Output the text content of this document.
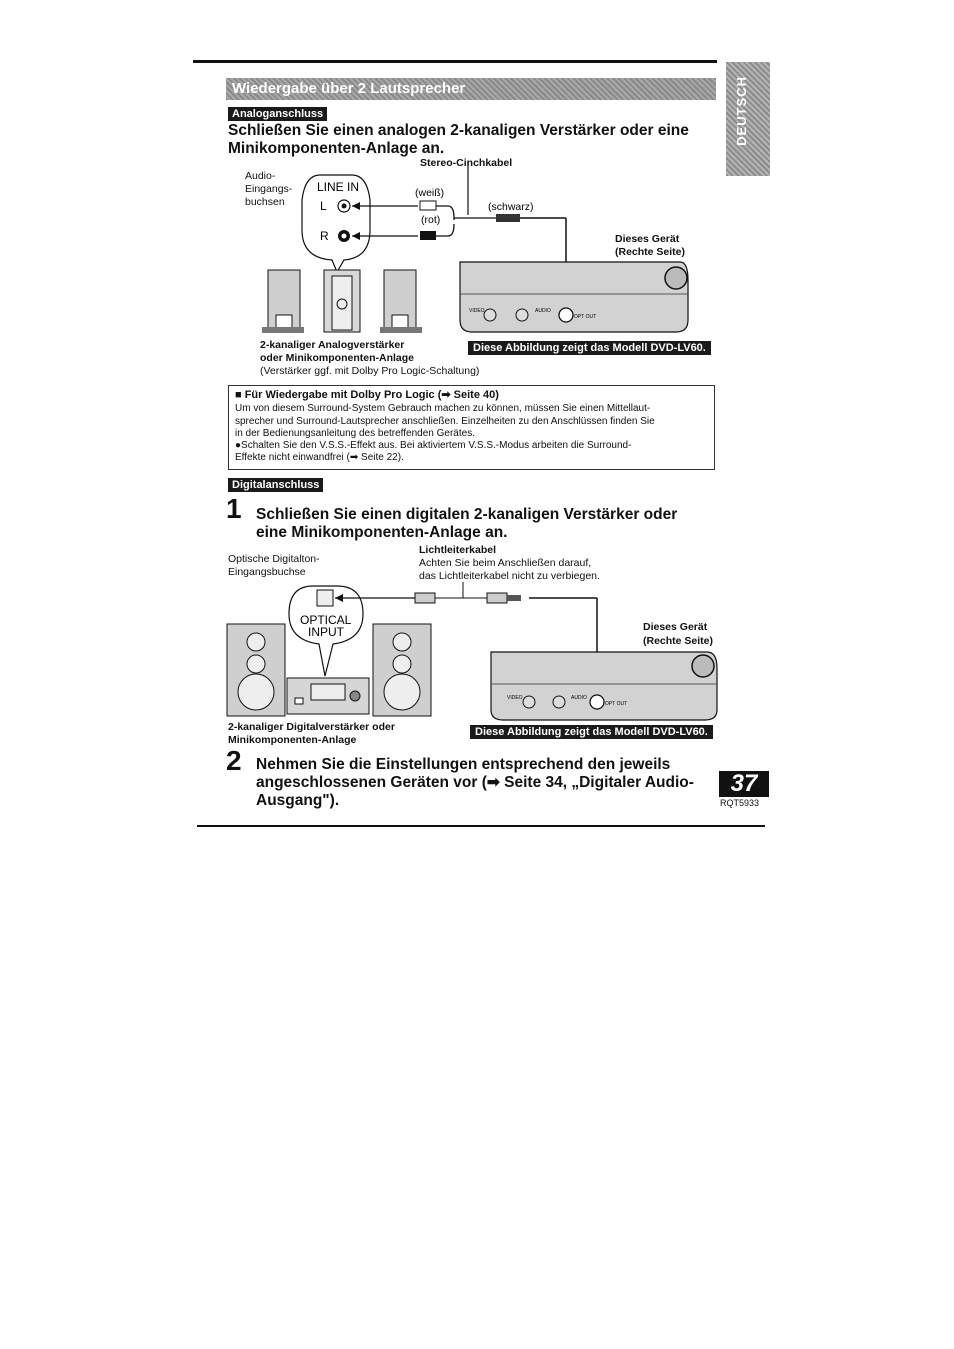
DEUTSCH
Wiedergabe über 2 Lautsprecher
Analoganschluss
Schließen Sie einen analogen 2-kanaligen Verstärker oder eine
Minikomponenten-Anlage an.
Stereo-Cinchkabel
Audio-
Eingangs-
buchsen
LINE IN
L
R
(weiß)
(rot)
(schwarz)
VIDEO	AUDIO
OPT OUT
Dieses Gerät
(Rechte Seite)
2-kanaliger Analogverstärker
oder Minikomponenten-Anlage
(Verstärker ggf. mit Dolby Pro Logic-Schaltung)
Diese Abbildung zeigt das Modell DVD-LV60.

■ Für Wiedergabe mit Dolby Pro Logic (➡ Seite 40)

Um von diesem Surround-System Gebrauch machen zu können, müssen Sie einen Mittellaut-

sprecher und Surround-Lautsprecher anschließen. Einzelheiten zu den Anschlüssen finden Sie

in der Bedienungsanleitung des betreffenden Gerätes.

●Schalten Sie den V.S.S.-Effekt aus. Bei aktiviertem V.S.S.-Modus arbeiten die Surround-

Effekte nicht einwandfrei (➡ Seite 22).

Digitalanschluss
1 Schließen Sie einen digitalen 2-kanaligen Verstärker oder
eine Minikomponenten-Anlage an.
Optische Digitalton-
Eingangsbuchse
Lichtleiterkabel
Achten Sie beim Anschließen darauf,
das Lichtleiterkabel nicht zu verbiegen.
OPTICAL
INPUT
VIDEO	AUDIO
OPT OUT
Dieses Gerät
(Rechte Seite)
2-kanaliger Digitalverstärker oder
Minikomponenten-Anlage
Diese Abbildung zeigt das Modell DVD-LV60.
2 Nehmen Sie die Einstellungen entsprechend den jeweils
angeschlossenen Geräten vor (➡ Seite 34, „Digitaler Audio-
Ausgang").
37
RQT5933
